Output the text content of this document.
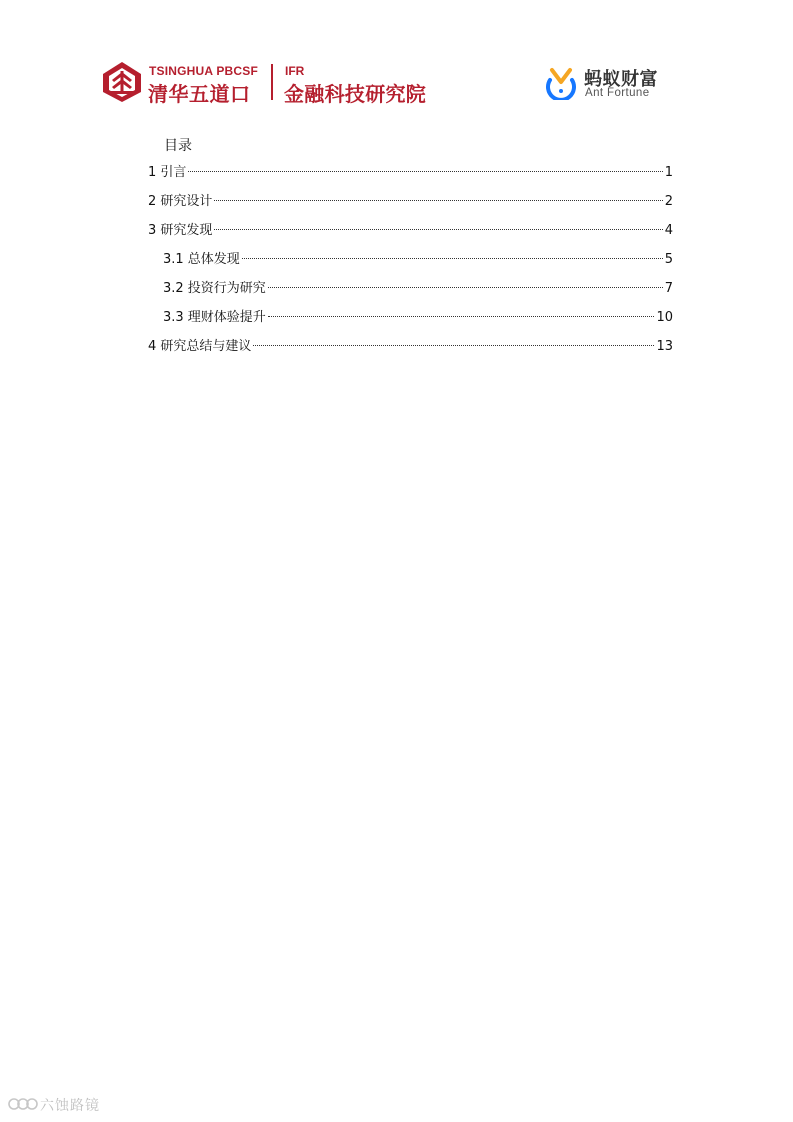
TSINGHUA PBCSF
清华五道口
IFR
金融科技研究院
蚂蚁财富
Ant Fortune
目录
1 引言	1
2 研究设计	2
3 研究发现	4
3.1 总体发现	5
3.2 投资行为研究	7
3.3 理财体验提升	10
4 研究总结与建议	13
六蚀路镜
